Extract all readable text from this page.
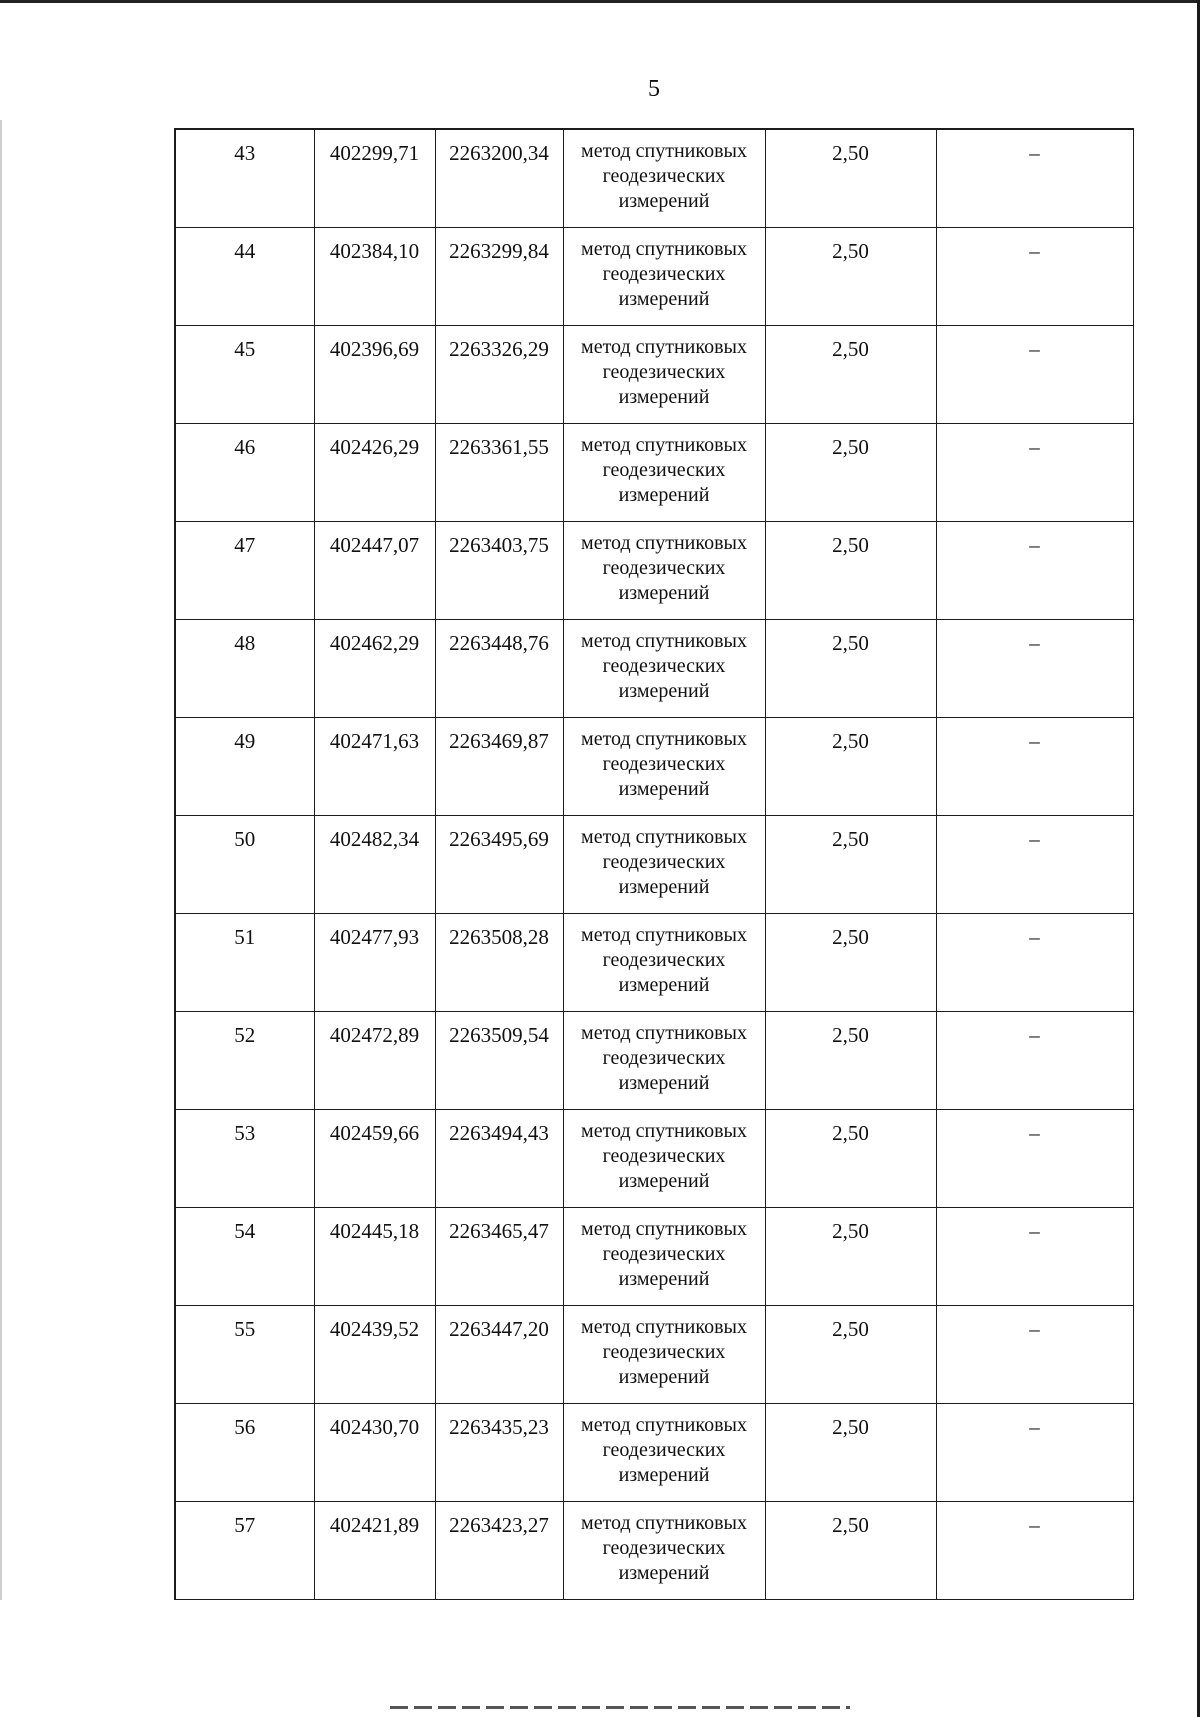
5
43	402299,71	2263200,34	метод спутниковых геодезических измерений	2,50	–

44	402384,10	2263299,84	метод спутниковых геодезических измерений	2,50	–

45	402396,69	2263326,29	метод спутниковых геодезических измерений	2,50	–

46	402426,29	2263361,55	метод спутниковых геодезических измерений	2,50	–

47	402447,07	2263403,75	метод спутниковых геодезических измерений	2,50	–

48	402462,29	2263448,76	метод спутниковых геодезических измерений	2,50	–

49	402471,63	2263469,87	метод спутниковых геодезических измерений	2,50	–

50	402482,34	2263495,69	метод спутниковых геодезических измерений	2,50	–

51	402477,93	2263508,28	метод спутниковых геодезических измерений	2,50	–

52	402472,89	2263509,54	метод спутниковых геодезических измерений	2,50	–

53	402459,66	2263494,43	метод спутниковых геодезических измерений	2,50	–

54	402445,18	2263465,47	метод спутниковых геодезических измерений	2,50	–

55	402439,52	2263447,20	метод спутниковых геодезических измерений	2,50	–

56	402430,70	2263435,23	метод спутниковых геодезических измерений	2,50	–

57	402421,89	2263423,27	метод спутниковых геодезических измерений	2,50	–
